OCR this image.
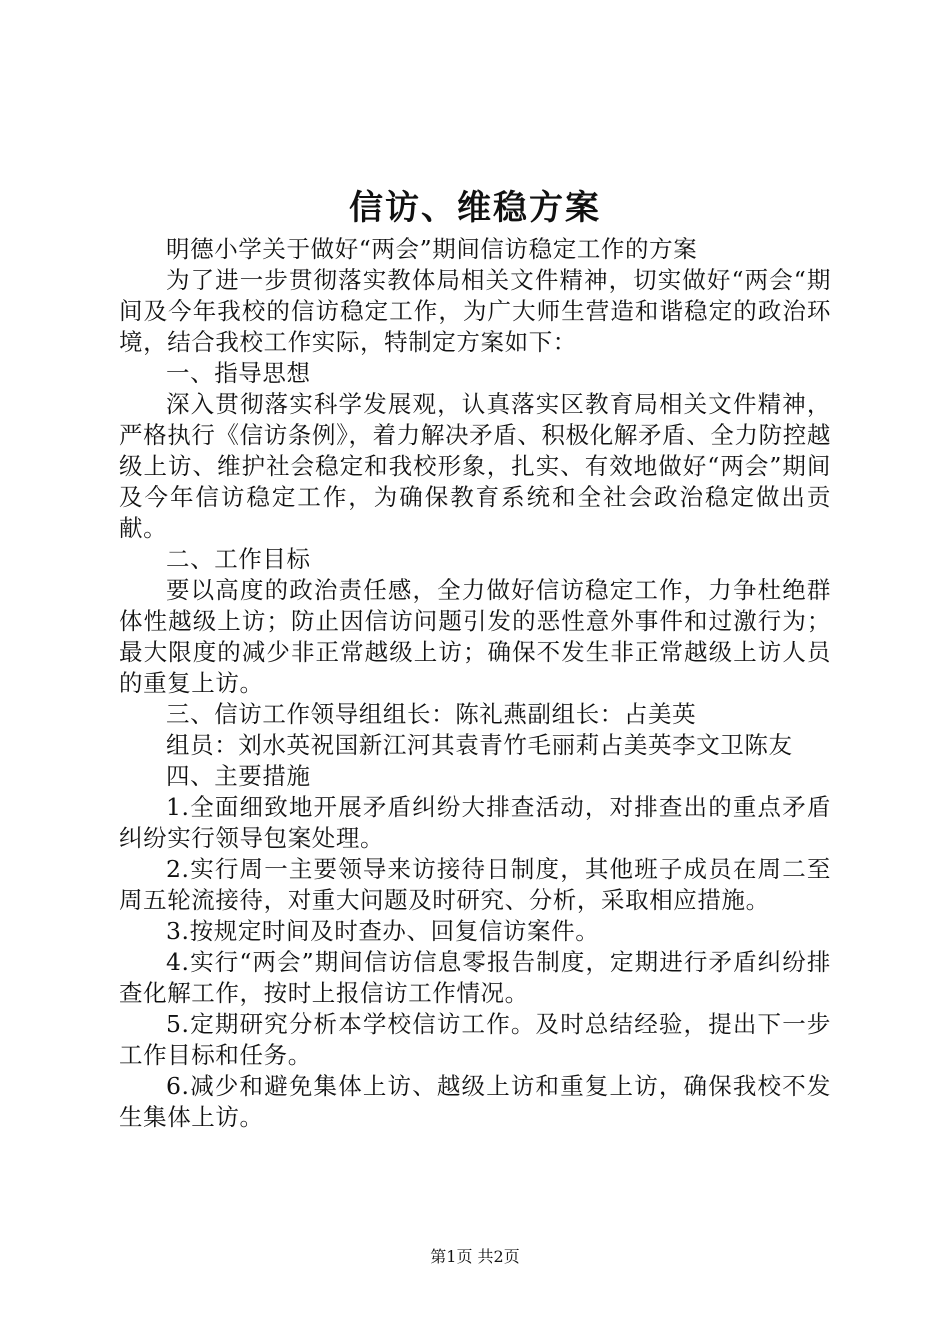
信访、维稳方案

明德小学关于做好“两会”期间信访稳定工作的方案

为了进一步贯彻落实教体局相关文件精神，切实做好“两会“期间及今年我校的信访稳定工作，为广大师生营造和谐稳定的政治环境，结合我校工作实际，特制定方案如下：

一、指导思想

深入贯彻落实科学发展观，认真落实区教育局相关文件精神，严格执行《信访条例》，着力解决矛盾、积极化解矛盾、全力防控越级上访、维护社会稳定和我校形象，扎实、有效地做好“两会”期间及今年信访稳定工作，为确保教育系统和全社会政治稳定做出贡献。

二、工作目标

要以高度的政治责任感，全力做好信访稳定工作，力争杜绝群体性越级上访；防止因信访问题引发的恶性意外事件和过激行为；最大限度的减少非正常越级上访；确保不发生非正常越级上访人员的重复上访。

三、信访工作领导组组长：陈礼燕副组长：占美英

组员：刘水英祝国新江河其袁青竹毛丽莉占美英李文卫陈友

四、主要措施

1.全面细致地开展矛盾纠纷大排查活动，对排查出的重点矛盾纠纷实行领导包案处理。

2.实行周一主要领导来访接待日制度，其他班子成员在周二至周五轮流接待，对重大问题及时研究、分析，采取相应措施。

3.按规定时间及时查办、回复信访案件。

4.实行“两会”期间信访信息零报告制度，定期进行矛盾纠纷排查化解工作，按时上报信访工作情况。

5.定期研究分析本学校信访工作。及时总结经验，提出下一步工作目标和任务。

6.减少和避免集体上访、越级上访和重复上访，确保我校不发生集体上访。

第1页 共2页
